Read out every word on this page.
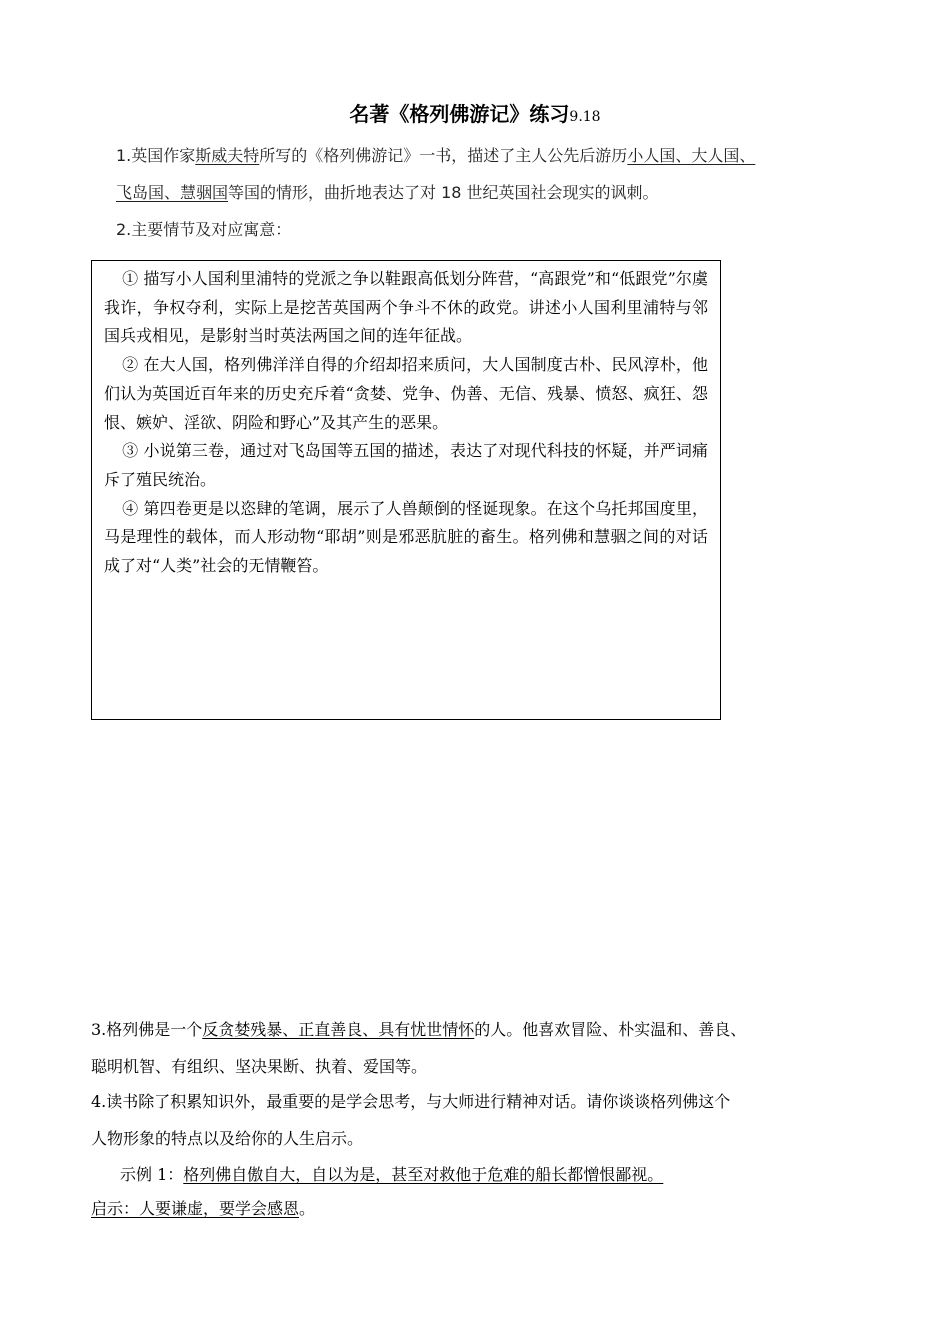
名著《格列佛游记》练习9.18
1.英国作家斯威夫特所写的《格列佛游记》一书，描述了主人公先后游历小人国、大人国、
飞岛国、慧骃国等国的情形，曲折地表达了对 18 世纪英国社会现实的讽刺。
2.主要情节及对应寓意：

① 描写小人国利里浦特的党派之争以鞋跟高低划分阵营，“高跟党”和“低跟党”尔虞我诈，争权夺利，实际上是挖苦英国两个争斗不休的政党。讲述小人国利里浦特与邻国兵戎相见，是影射当时英法两国之间的连年征战。

② 在大人国，格列佛洋洋自得的介绍却招来质问，大人国制度古朴、民风淳朴，他们认为英国近百年来的历史充斥着“贪婪、党争、伪善、无信、残暴、愤怒、疯狂、怨恨、嫉妒、淫欲、阴险和野心”及其产生的恶果。

③ 小说第三卷，通过对飞岛国等五国的描述，表达了对现代科技的怀疑，并严词痛斥了殖民统治。

④ 第四卷更是以恣肆的笔调，展示了人兽颠倒的怪诞现象。在这个乌托邦国度里，马是理性的载体，而人形动物“耶胡”则是邪恶肮脏的畜生。格列佛和慧骃之间的对话成了对“人类”社会的无情鞭笞。

3.格列佛是一个反贪婪残暴、正直善良、具有忧世情怀的人。他喜欢冒险、朴实温和、善良、
聪明机智、有组织、坚决果断、执着、爱国等。
4.读书除了积累知识外，最重要的是学会思考，与大师进行精神对话。请你谈谈格列佛这个
人物形象的特点以及给你的人生启示。
示例 1：格列佛自傲自大，自以为是，甚至对救他于危难的船长都憎恨鄙视。
启示：人要谦虚，要学会感恩。
